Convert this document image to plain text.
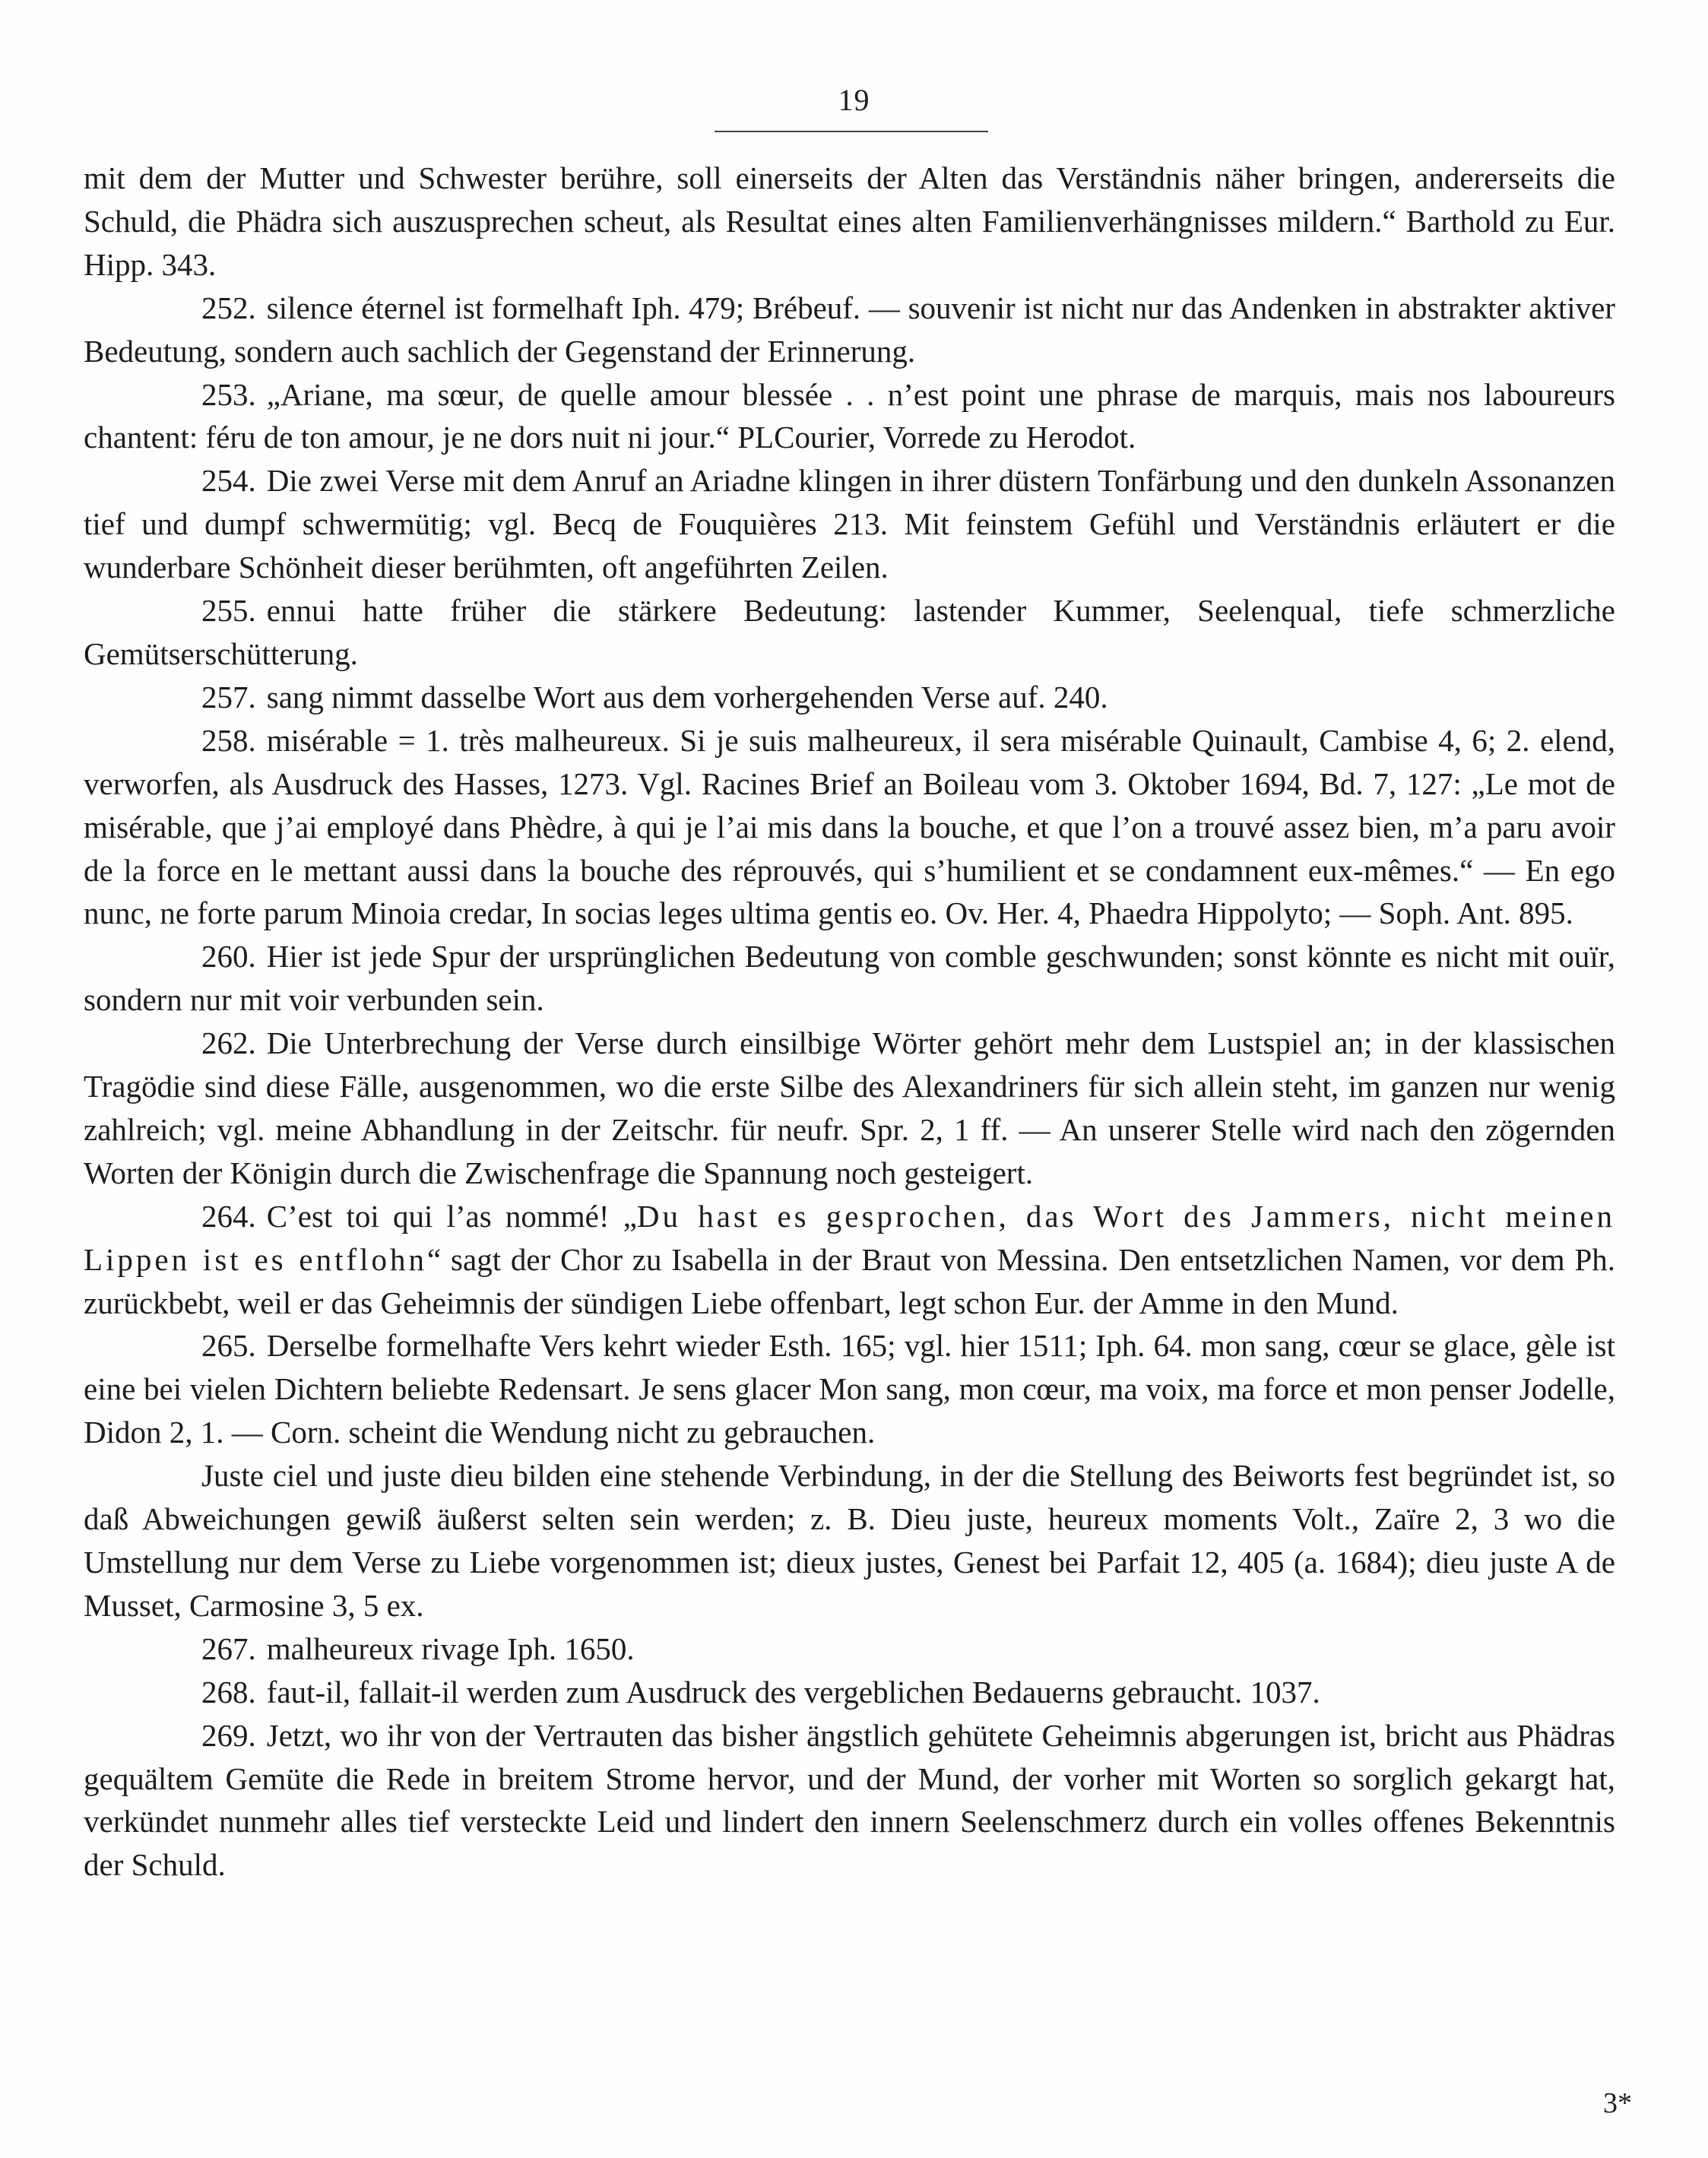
19

mit dem der Mutter und Schwester berühre, soll einerseits der Alten das Verständnis näher bringen, andererseits die Schuld, die Phädra sich auszusprechen scheut, als Resultat eines alten Familienverhängnisses mildern.“ Barthold zu Eur. Hipp. 343.

252. silence éternel ist formelhaft Iph. 479; Brébeuf. — souvenir ist nicht nur das Andenken in abstrakter aktiver Bedeutung, sondern auch sachlich der Gegenstand der Erinnerung.

253. „Ariane, ma sœur, de quelle amour blessée . . n’est point une phrase de marquis, mais nos laboureurs chantent: féru de ton amour, je ne dors nuit ni jour.“ PLCourier, Vorrede zu Herodot.

254. Die zwei Verse mit dem Anruf an Ariadne klingen in ihrer düstern Tonfärbung und den dunkeln Assonanzen tief und dumpf schwermütig; vgl. Becq de Fouquières 213. Mit feinstem Gefühl und Verständnis erläutert er die wunderbare Schönheit dieser berühmten, oft angeführten Zeilen.

255. ennui hatte früher die stärkere Bedeutung: lastender Kummer, Seelenqual, tiefe schmerzliche Gemütserschütterung.

257. sang nimmt dasselbe Wort aus dem vorhergehenden Verse auf. 240.

258. misérable = 1. très malheureux. Si je suis malheureux, il sera misérable Quinault, Cambise 4, 6; 2. elend, verworfen, als Ausdruck des Hasses, 1273. Vgl. Racines Brief an Boileau vom 3. Oktober 1694, Bd. 7, 127: „Le mot de misérable, que j’ai employé dans Phèdre, à qui je l’ai mis dans la bouche, et que l’on a trouvé assez bien, m’a paru avoir de la force en le mettant aussi dans la bouche des réprouvés, qui s’humilient et se condamnent eux-mêmes.“ — En ego nunc, ne forte parum Minoia credar, In socias leges ultima gentis eo. Ov. Her. 4, Phaedra Hippolyto; — Soph. Ant. 895.

260. Hier ist jede Spur der ursprünglichen Bedeutung von comble geschwunden; sonst könnte es nicht mit ouïr, sondern nur mit voir verbunden sein.

262. Die Unterbrechung der Verse durch einsilbige Wörter gehört mehr dem Lustspiel an; in der klassischen Tragödie sind diese Fälle, ausgenommen, wo die erste Silbe des Alexandriners für sich allein steht, im ganzen nur wenig zahlreich; vgl. meine Abhandlung in der Zeitschr. für neufr. Spr. 2, 1 ff. — An unserer Stelle wird nach den zögernden Worten der Königin durch die Zwischenfrage die Spannung noch gesteigert.

264. C’est toi qui l’as nommé! „Du hast es gesprochen, das Wort des Jammers, nicht meinen Lippen ist es entflohn“ sagt der Chor zu Isabella in der Braut von Messina. Den entsetzlichen Namen, vor dem Ph. zurückbebt, weil er das Geheimnis der sündigen Liebe offenbart, legt schon Eur. der Amme in den Mund.

265. Derselbe formelhafte Vers kehrt wieder Esth. 165; vgl. hier 1511; Iph. 64. mon sang, cœur se glace, gèle ist eine bei vielen Dichtern beliebte Redensart. Je sens glacer Mon sang, mon cœur, ma voix, ma force et mon penser Jodelle, Didon 2, 1. — Corn. scheint die Wendung nicht zu gebrauchen.

Juste ciel und juste dieu bilden eine stehende Verbindung, in der die Stellung des Beiworts fest begründet ist, so daß Abweichungen gewiß äußerst selten sein werden; z. B. Dieu juste, heureux moments Volt., Zaïre 2, 3 wo die Umstellung nur dem Verse zu Liebe vorgenommen ist; dieux justes, Genest bei Parfait 12, 405 (a. 1684); dieu juste A de Musset, Carmosine 3, 5 ex.

267. malheureux rivage Iph. 1650.

268. faut-il, fallait-il werden zum Ausdruck des vergeblichen Bedauerns gebraucht. 1037.

269. Jetzt, wo ihr von der Vertrauten das bisher ängstlich gehütete Geheimnis abgerungen ist, bricht aus Phädras gequältem Gemüte die Rede in breitem Strome hervor, und der Mund, der vorher mit Worten so sorglich gekargt hat, verkündet nunmehr alles tief versteckte Leid und lindert den innern Seelenschmerz durch ein volles offenes Bekenntnis der Schuld.

3*
